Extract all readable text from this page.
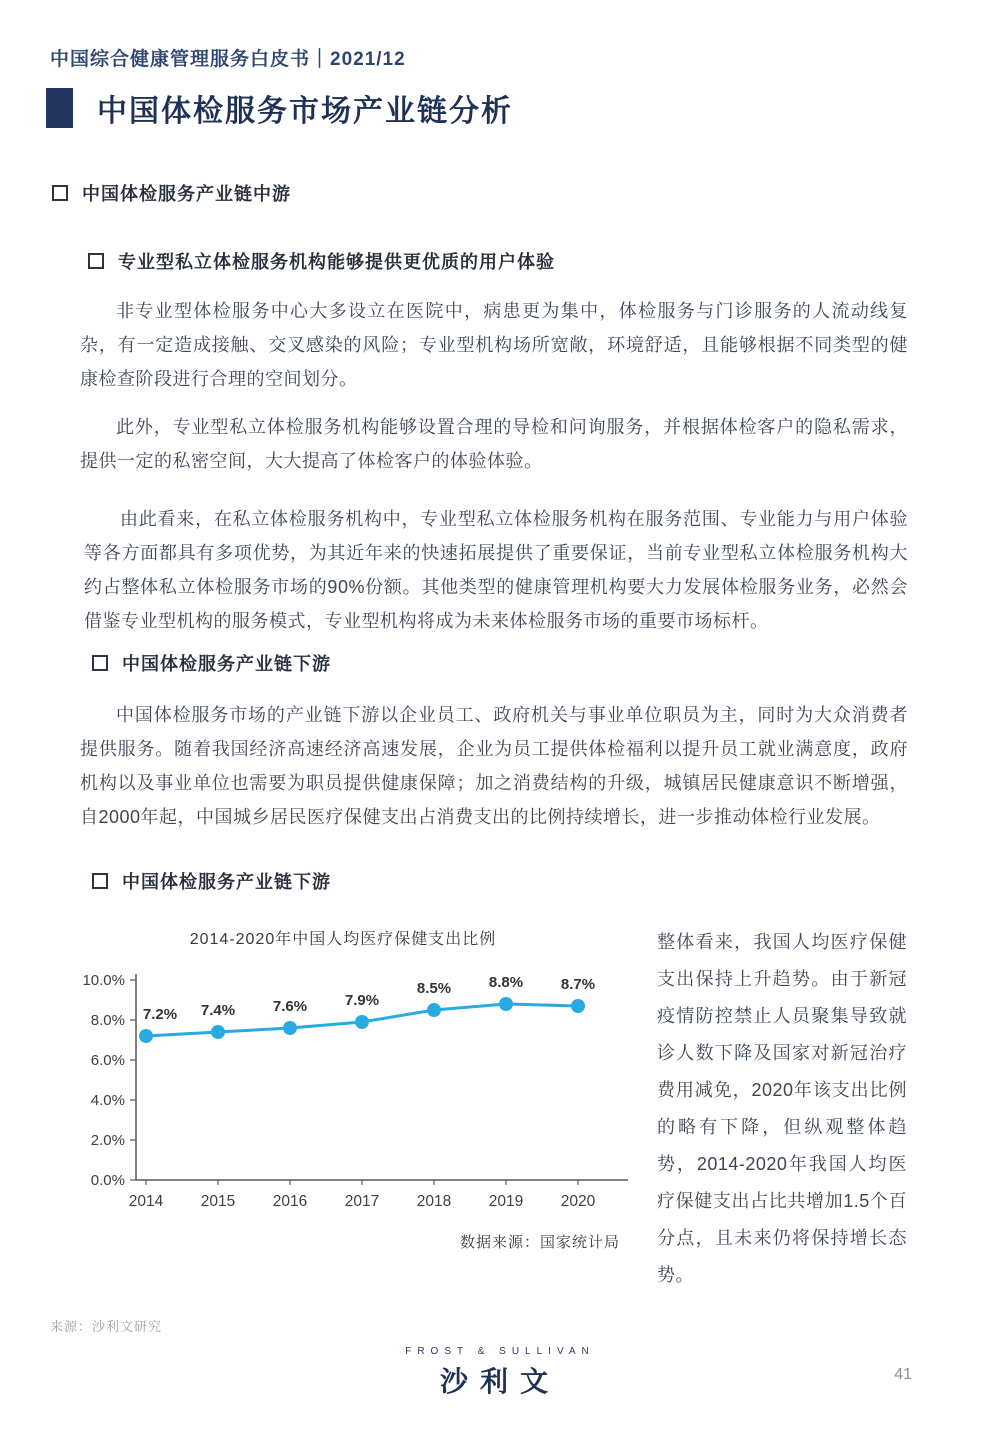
中国综合健康管理服务白皮书｜2021/12
中国体检服务市场产业链分析
中国体检服务产业链中游
专业型私立体检服务机构能够提供更优质的用户体验

非专业型体检服务中心大多设立在医院中，病患更为集中，体检服务与门诊服务的人流动线复杂，有一定造成接触、交叉感染的风险；专业型机构场所宽敞，环境舒适，且能够根据不同类型的健康检查阶段进行合理的空间划分。

此外，专业型私立体检服务机构能够设置合理的导检和问询服务，并根据体检客户的隐私需求，提供一定的私密空间，大大提高了体检客户的体验体验。

由此看来，在私立体检服务机构中，专业型私立体检服务机构在服务范围、专业能力与用户体验等各方面都具有多项优势，为其近年来的快速拓展提供了重要保证，当前专业型私立体检服务机构大约占整体私立体检服务市场的90%份额。其他类型的健康管理机构要大力发展体检服务业务，必然会借鉴专业型机构的服务模式，专业型机构将成为未来体检服务市场的重要市场标杆。

中国体检服务产业链下游

中国体检服务市场的产业链下游以企业员工、政府机关与事业单位职员为主，同时为大众消费者提供服务。随着我国经济高速经济高速发展，企业为员工提供体检福利以提升员工就业满意度，政府机构以及事业单位也需要为职员提供健康保障；加之消费结构的升级，城镇居民健康意识不断增强，自2000年起，中国城乡居民医疗保健支出占消费支出的比例持续增长，进一步推动体检行业发展。

中国体检服务产业链下游
2014-2020年中国人均医疗保健支出比例
10.0%
8.0%
6.0%
4.0%
2.0%
0.0%
2014 2015 2016 2017 2018 2019 2020
7.2% 7.4%	7.6%	7.9%
8.5%	8.8%	8.7%
数据来源：国家统计局
整体看来，我国人均医疗保健支出保持上升趋势。由于新冠疫情防控禁止人员聚集导致就诊人数下降及国家对新冠治疗费用减免，2020年该支出比例的略有下降，但纵观整体趋势，2014-2020年我国人均医疗保健支出占比共增加1.5个百分点，且未来仍将保持增长态势。
来源：沙利文研究
FROST & SULLIVAN
沙利文	41
